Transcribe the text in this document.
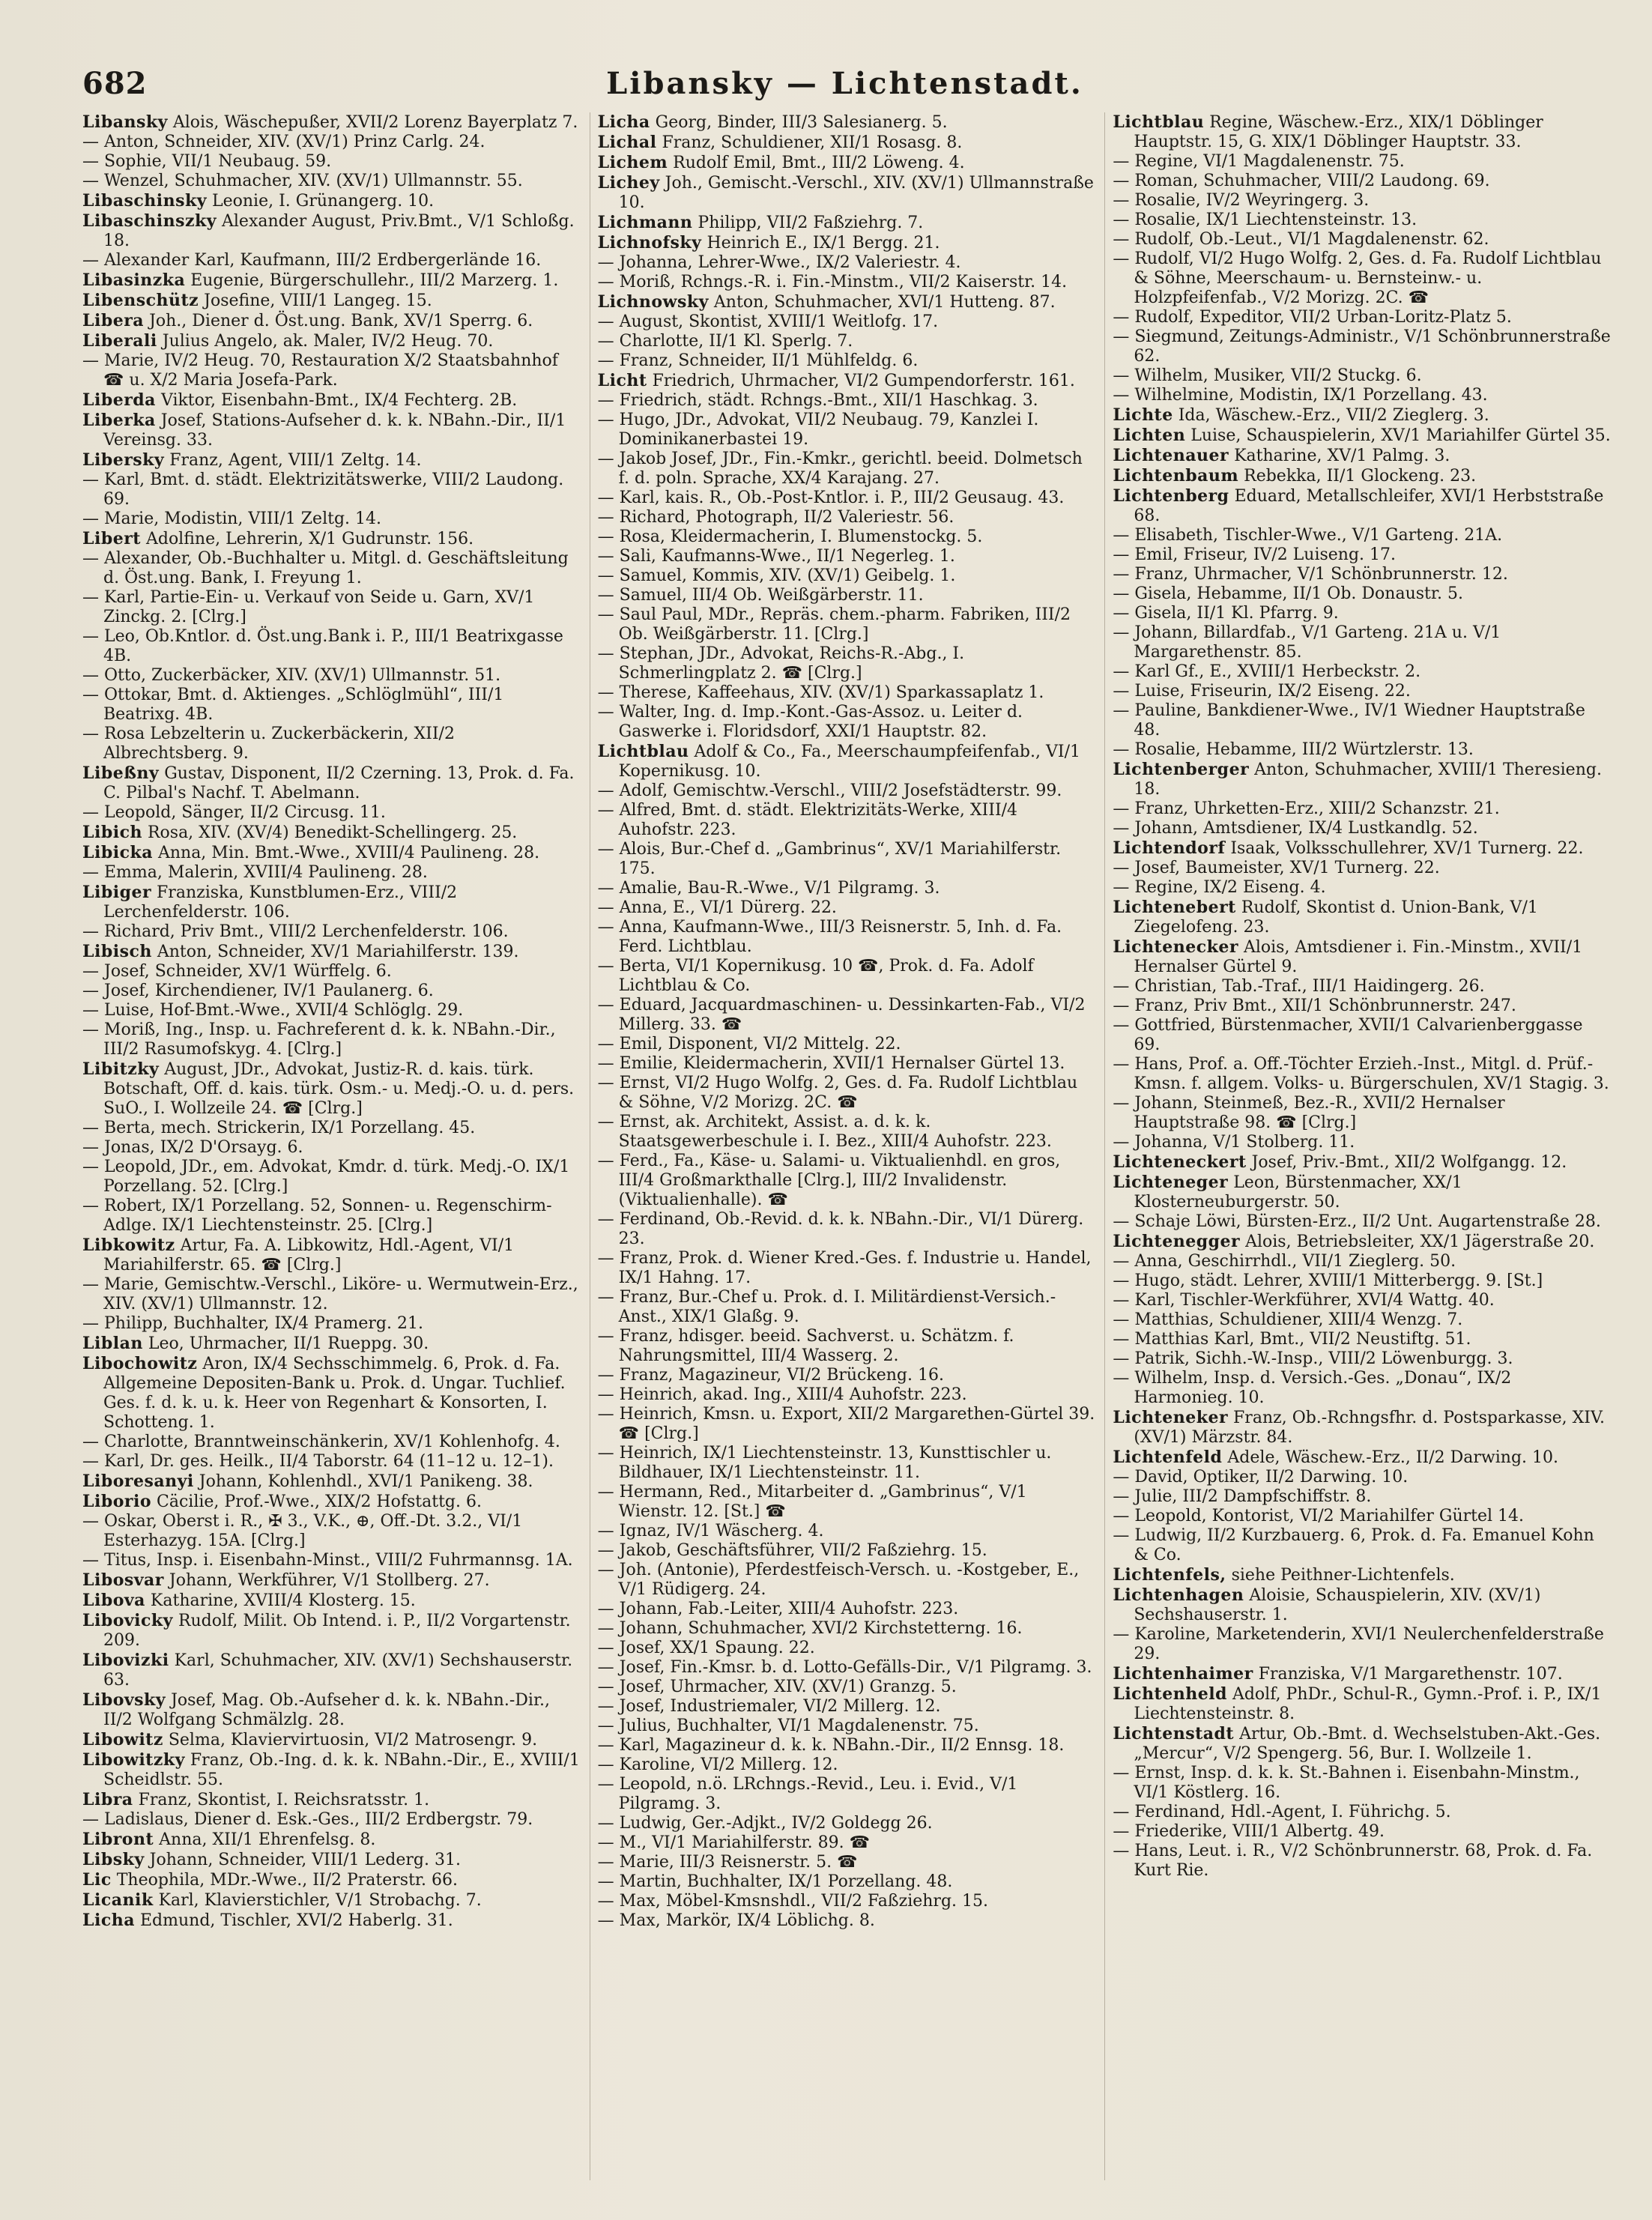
682	Libansky — Lichtenstadt.

Libansky Alois, Wäschepußer, XVII/2 Lorenz Bayerplatz 7.

— Anton, Schneider, XIV. (XV/1) Prinz Carlg. 24.

— Sophie, VII/1 Neubaug. 59.

— Wenzel, Schuhmacher, XIV. (XV/1) Ullmannstr. 55.

Libaschinsky Leonie, I. Grünangerg. 10.

Libaschinszky Alexander August, Priv.Bmt., V/1 Schloßg. 18.

— Alexander Karl, Kaufmann, III/2 Erdbergerlände 16.

Libasinzka Eugenie, Bürgerschullehr., III/2 Marzerg. 1.

Libenschütz Josefine, VIII/1 Langeg. 15.

Libera Joh., Diener d. Öst.ung. Bank, XV/1 Sperrg. 6.

Liberali Julius Angelo, ak. Maler, IV/2 Heug. 70.

— Marie, IV/2 Heug. 70, Restauration X/2 Staatsbahnhof ☎ u. X/2 Maria Josefa-Park.

Liberda Viktor, Eisenbahn-Bmt., IX/4 Fechterg. 2B.

Liberka Josef, Stations-Aufseher d. k. k. NBahn.-Dir., II/1 Vereinsg. 33.

Libersky Franz, Agent, VIII/1 Zeltg. 14.

— Karl, Bmt. d. städt. Elektrizitätswerke, VIII/2 Laudong. 69.

— Marie, Modistin, VIII/1 Zeltg. 14.

Libert Adolfine, Lehrerin, X/1 Gudrunstr. 156.

— Alexander, Ob.-Buchhalter u. Mitgl. d. Geschäftsleitung d. Öst.ung. Bank, I. Freyung 1.

— Karl, Partie-Ein- u. Verkauf von Seide u. Garn, XV/1 Zinckg. 2. [Clrg.]

— Leo, Ob.Kntlor. d. Öst.ung.Bank i. P., III/1 Beatrixgasse 4B.

— Otto, Zuckerbäcker, XIV. (XV/1) Ullmannstr. 51.

— Ottokar, Bmt. d. Aktienges. „Schlöglmühl“, III/1 Beatrixg. 4B.

— Rosa Lebzelterin u. Zuckerbäckerin, XII/2 Albrechtsberg. 9.

Libeßny Gustav, Disponent, II/2 Czerning. 13, Prok. d. Fa. C. Pilbal's Nachf. T. Abelmann.

— Leopold, Sänger, II/2 Circusg. 11.

Libich Rosa, XIV. (XV/4) Benedikt-Schellingerg. 25.

Libicka Anna, Min. Bmt.-Wwe., XVIII/4 Paulineng. 28.

— Emma, Malerin, XVIII/4 Paulineng. 28.

Libiger Franziska, Kunstblumen-Erz., VIII/2 Lerchenfelderstr. 106.

— Richard, Priv Bmt., VIII/2 Lerchenfelderstr. 106.

Libisch Anton, Schneider, XV/1 Mariahilferstr. 139.

— Josef, Schneider, XV/1 Würffelg. 6.

— Josef, Kirchendiener, IV/1 Paulanerg. 6.

— Luise, Hof-Bmt.-Wwe., XVII/4 Schlöglg. 29.

— Moriß, Ing., Insp. u. Fachreferent d. k. k. NBahn.-Dir., III/2 Rasumofskyg. 4. [Clrg.]

Libitzky August, JDr., Advokat, Justiz-R. d. kais. türk. Botschaft, Off. d. kais. türk. Osm.- u. Medj.-O. u. d. pers. SuO., I. Wollzeile 24. ☎ [Clrg.]

— Berta, mech. Strickerin, IX/1 Porzellang. 45.

— Jonas, IX/2 D'Orsayg. 6.

— Leopold, JDr., em. Advokat, Kmdr. d. türk. Medj.-O. IX/1 Porzellang. 52. [Clrg.]

— Robert, IX/1 Porzellang. 52, Sonnen- u. Regenschirm-Adlge. IX/1 Liechtensteinstr. 25. [Clrg.]

Libkowitz Artur, Fa. A. Libkowitz, Hdl.-Agent, VI/1 Mariahilferstr. 65. ☎ [Clrg.]

— Marie, Gemischtw.-Verschl., Liköre- u. Wermutwein-Erz., XIV. (XV/1) Ullmannstr. 12.

— Philipp, Buchhalter, IX/4 Pramerg. 21.

Liblan Leo, Uhrmacher, II/1 Rueppg. 30.

Libochowitz Aron, IX/4 Sechsschimmelg. 6, Prok. d. Fa. Allgemeine Depositen-Bank u. Prok. d. Ungar. Tuchlief. Ges. f. d. k. u. k. Heer von Regenhart & Konsorten, I. Schotteng. 1.

— Charlotte, Branntweinschänkerin, XV/1 Kohlenhofg. 4.

— Karl, Dr. ges. Heilk., II/4 Taborstr. 64 (11–12 u. 12–1).

Liboresanyi Johann, Kohlenhdl., XVI/1 Panikeng. 38.

Liborio Cäcilie, Prof.-Wwe., XIX/2 Hofstattg. 6.

— Oskar, Oberst i. R., ✠ 3., V.K., ⊕, Off.-Dt. 3.2., VI/1 Esterhazyg. 15A. [Clrg.]

— Titus, Insp. i. Eisenbahn-Minst., VIII/2 Fuhrmannsg. 1A.

Libosvar Johann, Werkführer, V/1 Stollberg. 27.

Libova Katharine, XVIII/4 Klosterg. 15.

Libovicky Rudolf, Milit. Ob Intend. i. P., II/2 Vorgartenstr. 209.

Libovizki Karl, Schuhmacher, XIV. (XV/1) Sechshauserstr. 63.

Libovsky Josef, Mag. Ob.-Aufseher d. k. k. NBahn.-Dir., II/2 Wolfgang Schmälzlg. 28.

Libowitz Selma, Klaviervirtuosin, VI/2 Matrosengr. 9.

Libowitzky Franz, Ob.-Ing. d. k. k. NBahn.-Dir., E., XVIII/1 Scheidlstr. 55.

Libra Franz, Skontist, I. Reichsratsstr. 1.

— Ladislaus, Diener d. Esk.-Ges., III/2 Erdbergstr. 79.

Libront Anna, XII/1 Ehrenfelsg. 8.

Libsky Johann, Schneider, VIII/1 Lederg. 31.

Lic Theophila, MDr.-Wwe., II/2 Praterstr. 66.

Licanik Karl, Klavierstichler, V/1 Strobachg. 7.

Licha Edmund, Tischler, XVI/2 Haberlg. 31.

Licha Georg, Binder, III/3 Salesianerg. 5.

Lichal Franz, Schuldiener, XII/1 Rosasg. 8.

Lichem Rudolf Emil, Bmt., III/2 Löweng. 4.

Lichey Joh., Gemischt.-Verschl., XIV. (XV/1) Ullmannstraße 10.

Lichmann Philipp, VII/2 Faßziehrg. 7.

Lichnofsky Heinrich E., IX/1 Bergg. 21.

— Johanna, Lehrer-Wwe., IX/2 Valeriestr. 4.

— Moriß, Rchngs.-R. i. Fin.-Minstm., VII/2 Kaiserstr. 14.

Lichnowsky Anton, Schuhmacher, XVI/1 Hutteng. 87.

— August, Skontist, XVIII/1 Weitlofg. 17.

— Charlotte, II/1 Kl. Sperlg. 7.

— Franz, Schneider, II/1 Mühlfeldg. 6.

Licht Friedrich, Uhrmacher, VI/2 Gumpendorferstr. 161.

— Friedrich, städt. Rchngs.-Bmt., XII/1 Haschkag. 3.

— Hugo, JDr., Advokat, VII/2 Neubaug. 79, Kanzlei I. Dominikanerbastei 19.

— Jakob Josef, JDr., Fin.-Kmkr., gerichtl. beeid. Dolmetsch f. d. poln. Sprache, XX/4 Karajang. 27.

— Karl, kais. R., Ob.-Post-Kntlor. i. P., III/2 Geusaug. 43.

— Richard, Photograph, II/2 Valeriestr. 56.

— Rosa, Kleidermacherin, I. Blumenstockg. 5.

— Sali, Kaufmanns-Wwe., II/1 Negerleg. 1.

— Samuel, Kommis, XIV. (XV/1) Geibelg. 1.

— Samuel, III/4 Ob. Weißgärberstr. 11.

— Saul Paul, MDr., Repräs. chem.-pharm. Fabriken, III/2 Ob. Weißgärberstr. 11. [Clrg.]

— Stephan, JDr., Advokat, Reichs-R.-Abg., I. Schmerlingplatz 2. ☎ [Clrg.]

— Therese, Kaffeehaus, XIV. (XV/1) Sparkassaplatz 1.

— Walter, Ing. d. Imp.-Kont.-Gas-Assoz. u. Leiter d. Gaswerke i. Floridsdorf, XXI/1 Hauptstr. 82.

Lichtblau Adolf & Co., Fa., Meerschaumpfeifenfab., VI/1 Kopernikusg. 10.

— Adolf, Gemischtw.-Verschl., VIII/2 Josefstädterstr. 99.

— Alfred, Bmt. d. städt. Elektrizitäts-Werke, XIII/4 Auhofstr. 223.

— Alois, Bur.-Chef d. „Gambrinus“, XV/1 Mariahilferstr. 175.

— Amalie, Bau-R.-Wwe., V/1 Pilgramg. 3.

— Anna, E., VI/1 Dürerg. 22.

— Anna, Kaufmann-Wwe., III/3 Reisnerstr. 5, Inh. d. Fa. Ferd. Lichtblau.

— Berta, VI/1 Kopernikusg. 10 ☎, Prok. d. Fa. Adolf Lichtblau & Co.

— Eduard, Jacquardmaschinen- u. Dessinkarten-Fab., VI/2 Millerg. 33. ☎

— Emil, Disponent, VI/2 Mittelg. 22.

— Emilie, Kleidermacherin, XVII/1 Hernalser Gürtel 13.

— Ernst, VI/2 Hugo Wolfg. 2, Ges. d. Fa. Rudolf Lichtblau & Söhne, V/2 Morizg. 2C. ☎

— Ernst, ak. Architekt, Assist. a. d. k. k. Staatsgewerbeschule i. I. Bez., XIII/4 Auhofstr. 223.

— Ferd., Fa., Käse- u. Salami- u. Viktualienhdl. en gros, III/4 Großmarkthalle [Clrg.], III/2 Invalidenstr. (Viktualienhalle). ☎

— Ferdinand, Ob.-Revid. d. k. k. NBahn.-Dir., VI/1 Dürerg. 23.

— Franz, Prok. d. Wiener Kred.-Ges. f. Industrie u. Handel, IX/1 Hahng. 17.

— Franz, Bur.-Chef u. Prok. d. I. Militärdienst-Versich.-Anst., XIX/1 Glaßg. 9.

— Franz, hdisger. beeid. Sachverst. u. Schätzm. f. Nahrungsmittel, III/4 Wasserg. 2.

— Franz, Magazineur, VI/2 Brückeng. 16.

— Heinrich, akad. Ing., XIII/4 Auhofstr. 223.

— Heinrich, Kmsn. u. Export, XII/2 Margarethen-Gürtel 39. ☎ [Clrg.]

— Heinrich, IX/1 Liechtensteinstr. 13, Kunsttischler u. Bildhauer, IX/1 Liechtensteinstr. 11.

— Hermann, Red., Mitarbeiter d. „Gambrinus“, V/1 Wienstr. 12. [St.] ☎

— Ignaz, IV/1 Wäscherg. 4.

— Jakob, Geschäftsführer, VII/2 Faßziehrg. 15.

— Joh. (Antonie), Pferdestfeisch-Versch. u. -Kostgeber, E., V/1 Rüdigerg. 24.

— Johann, Fab.-Leiter, XIII/4 Auhofstr. 223.

— Johann, Schuhmacher, XVI/2 Kirchstetterng. 16.

— Josef, XX/1 Spaung. 22.

— Josef, Fin.-Kmsr. b. d. Lotto-Gefälls-Dir., V/1 Pilgramg. 3.

— Josef, Uhrmacher, XIV. (XV/1) Granzg. 5.

— Josef, Industriemaler, VI/2 Millerg. 12.

— Julius, Buchhalter, VI/1 Magdalenenstr. 75.

— Karl, Magazineur d. k. k. NBahn.-Dir., II/2 Ennsg. 18.

— Karoline, VI/2 Millerg. 12.

— Leopold, n.ö. LRchngs.-Revid., Leu. i. Evid., V/1 Pilgramg. 3.

— Ludwig, Ger.-Adjkt., IV/2 Goldegg 26.

— M., VI/1 Mariahilferstr. 89. ☎

— Marie, III/3 Reisnerstr. 5. ☎

— Martin, Buchhalter, IX/1 Porzellang. 48.

— Max, Möbel-Kmsnshdl., VII/2 Faßziehrg. 15.

— Max, Markör, IX/4 Löblichg. 8.

Lichtblau Regine, Wäschew.-Erz., XIX/1 Döblinger Hauptstr. 15, G. XIX/1 Döblinger Hauptstr. 33.

— Regine, VI/1 Magdalenenstr. 75.

— Roman, Schuhmacher, VIII/2 Laudong. 69.

— Rosalie, IV/2 Weyringerg. 3.

— Rosalie, IX/1 Liechtensteinstr. 13.

— Rudolf, Ob.-Leut., VI/1 Magdalenenstr. 62.

— Rudolf, VI/2 Hugo Wolfg. 2, Ges. d. Fa. Rudolf Lichtblau & Söhne, Meerschaum- u. Bernsteinw.- u. Holzpfeifenfab., V/2 Morizg. 2C. ☎

— Rudolf, Expeditor, VII/2 Urban-Loritz-Platz 5.

— Siegmund, Zeitungs-Administr., V/1 Schönbrunnerstraße 62.

— Wilhelm, Musiker, VII/2 Stuckg. 6.

— Wilhelmine, Modistin, IX/1 Porzellang. 43.

Lichte Ida, Wäschew.-Erz., VII/2 Zieglerg. 3.

Lichten Luise, Schauspielerin, XV/1 Mariahilfer Gürtel 35.

Lichtenauer Katharine, XV/1 Palmg. 3.

Lichtenbaum Rebekka, II/1 Glockeng. 23.

Lichtenberg Eduard, Metallschleifer, XVI/1 Herbststraße 68.

— Elisabeth, Tischler-Wwe., V/1 Garteng. 21A.

— Emil, Friseur, IV/2 Luiseng. 17.

— Franz, Uhrmacher, V/1 Schönbrunnerstr. 12.

— Gisela, Hebamme, II/1 Ob. Donaustr. 5.

— Gisela, II/1 Kl. Pfarrg. 9.

— Johann, Billardfab., V/1 Garteng. 21A u. V/1 Margarethenstr. 85.

— Karl Gf., E., XVIII/1 Herbeckstr. 2.

— Luise, Friseurin, IX/2 Eiseng. 22.

— Pauline, Bankdiener-Wwe., IV/1 Wiedner Hauptstraße 48.

— Rosalie, Hebamme, III/2 Würtzlerstr. 13.

Lichtenberger Anton, Schuhmacher, XVIII/1 Theresieng. 18.

— Franz, Uhrketten-Erz., XIII/2 Schanzstr. 21.

— Johann, Amtsdiener, IX/4 Lustkandlg. 52.

Lichtendorf Isaak, Volksschullehrer, XV/1 Turnerg. 22.

— Josef, Baumeister, XV/1 Turnerg. 22.

— Regine, IX/2 Eiseng. 4.

Lichtenebert Rudolf, Skontist d. Union-Bank, V/1 Ziegelofeng. 23.

Lichtenecker Alois, Amtsdiener i. Fin.-Minstm., XVII/1 Hernalser Gürtel 9.

— Christian, Tab.-Traf., III/1 Haidingerg. 26.

— Franz, Priv Bmt., XII/1 Schönbrunnerstr. 247.

— Gottfried, Bürstenmacher, XVII/1 Calvarienberggasse 69.

— Hans, Prof. a. Off.-Töchter Erzieh.-Inst., Mitgl. d. Prüf.-Kmsn. f. allgem. Volks- u. Bürgerschulen, XV/1 Stagig. 3.

— Johann, Steinmeß, Bez.-R., XVII/2 Hernalser Hauptstraße 98. ☎ [Clrg.]

— Johanna, V/1 Stolberg. 11.

Lichteneckert Josef, Priv.-Bmt., XII/2 Wolfgangg. 12.

Lichteneger Leon, Bürstenmacher, XX/1 Klosterneuburgerstr. 50.

— Schaje Löwi, Bürsten-Erz., II/2 Unt. Augartenstraße 28.

Lichtenegger Alois, Betriebsleiter, XX/1 Jägerstraße 20.

— Anna, Geschirrhdl., VII/1 Zieglerg. 50.

— Hugo, städt. Lehrer, XVIII/1 Mitterbergg. 9. [St.]

— Karl, Tischler-Werkführer, XVI/4 Wattg. 40.

— Matthias, Schuldiener, XIII/4 Wenzg. 7.

— Matthias Karl, Bmt., VII/2 Neustiftg. 51.

— Patrik, Sichh.-W.-Insp., VIII/2 Löwenburgg. 3.

— Wilhelm, Insp. d. Versich.-Ges. „Donau“, IX/2 Harmonieg. 10.

Lichteneker Franz, Ob.-Rchngsfhr. d. Postsparkasse, XIV. (XV/1) Märzstr. 84.

Lichtenfeld Adele, Wäschew.-Erz., II/2 Darwing. 10.

— David, Optiker, II/2 Darwing. 10.

— Julie, III/2 Dampfschiffstr. 8.

— Leopold, Kontorist, VI/2 Mariahilfer Gürtel 14.

— Ludwig, II/2 Kurzbauerg. 6, Prok. d. Fa. Emanuel Kohn & Co.

Lichtenfels, siehe Peithner-Lichtenfels.

Lichtenhagen Aloisie, Schauspielerin, XIV. (XV/1) Sechshauserstr. 1.

— Karoline, Marketenderin, XVI/1 Neulerchenfelderstraße 29.

Lichtenhaimer Franziska, V/1 Margarethenstr. 107.

Lichtenheld Adolf, PhDr., Schul-R., Gymn.-Prof. i. P., IX/1 Liechtensteinstr. 8.

Lichtenstadt Artur, Ob.-Bmt. d. Wechselstuben-Akt.-Ges. „Mercur“, V/2 Spengerg. 56, Bur. I. Wollzeile 1.

— Ernst, Insp. d. k. k. St.-Bahnen i. Eisenbahn-Minstm., VI/1 Köstlerg. 16.

— Ferdinand, Hdl.-Agent, I. Führichg. 5.

— Friederike, VIII/1 Albertg. 49.

— Hans, Leut. i. R., V/2 Schönbrunnerstr. 68, Prok. d. Fa. Kurt Rie.
